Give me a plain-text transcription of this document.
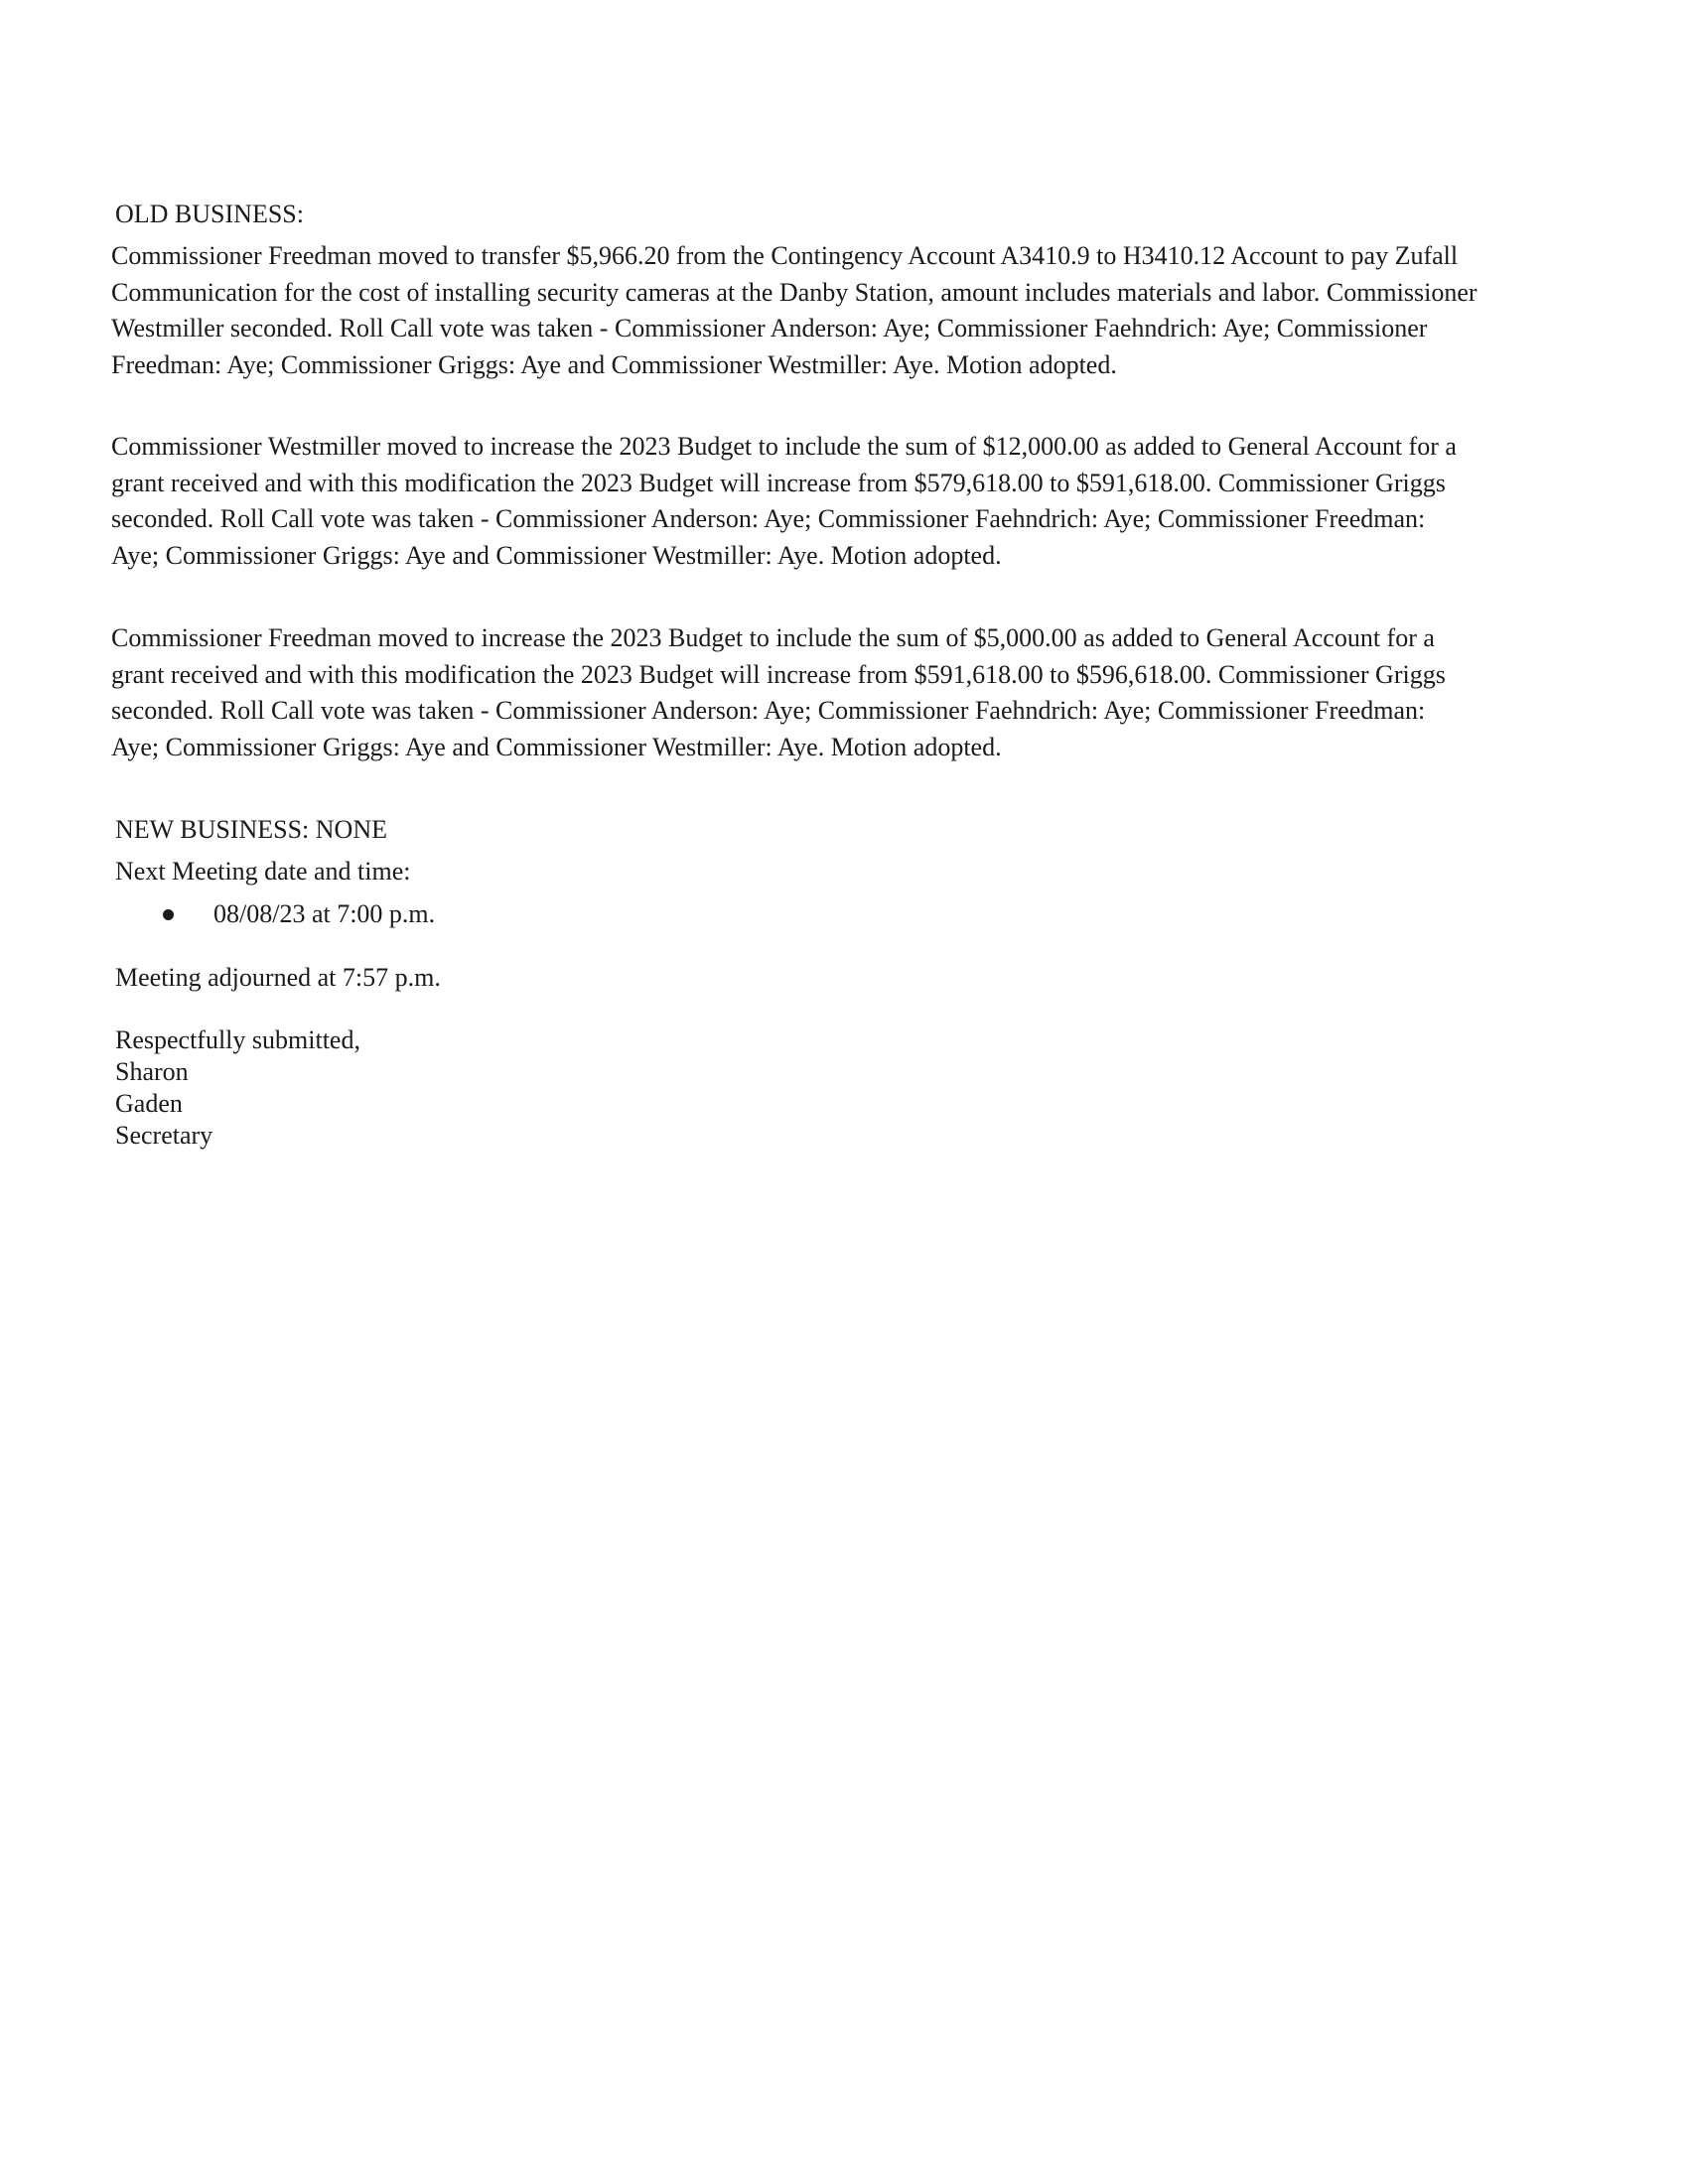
OLD BUSINESS:

Commissioner Freedman moved to transfer $5,966.20 from the Contingency Account A3410.9 to H3410.12 Account to pay Zufall
Communication for the cost of installing security cameras at the Danby Station, amount includes materials and labor. Commissioner
Westmiller seconded. Roll Call vote was taken - Commissioner Anderson: Aye; Commissioner Faehndrich: Aye; Commissioner
Freedman: Aye; Commissioner Griggs: Aye and Commissioner Westmiller: Aye. Motion adopted.

Commissioner Westmiller moved to increase the 2023 Budget to include the sum of $12,000.00 as added to General Account for a
grant received and with this modification the 2023 Budget will increase from $579,618.00 to $591,618.00. Commissioner Griggs
seconded. Roll Call vote was taken - Commissioner Anderson: Aye; Commissioner Faehndrich: Aye; Commissioner Freedman:
Aye; Commissioner Griggs: Aye and Commissioner Westmiller: Aye. Motion adopted.

Commissioner Freedman moved to increase the 2023 Budget to include the sum of $5,000.00 as added to General Account for a
grant received and with this modification the 2023 Budget will increase from $591,618.00 to $596,618.00. Commissioner Griggs
seconded. Roll Call vote was taken - Commissioner Anderson: Aye; Commissioner Faehndrich: Aye; Commissioner Freedman:
Aye; Commissioner Griggs: Aye and Commissioner Westmiller: Aye. Motion adopted.

NEW BUSINESS: NONE
Next Meeting date and time:
08/08/23 at 7:00 p.m.
Meeting adjourned at 7:57 p.m.
Respectfully submitted,
Sharon
Gaden
Secretary
